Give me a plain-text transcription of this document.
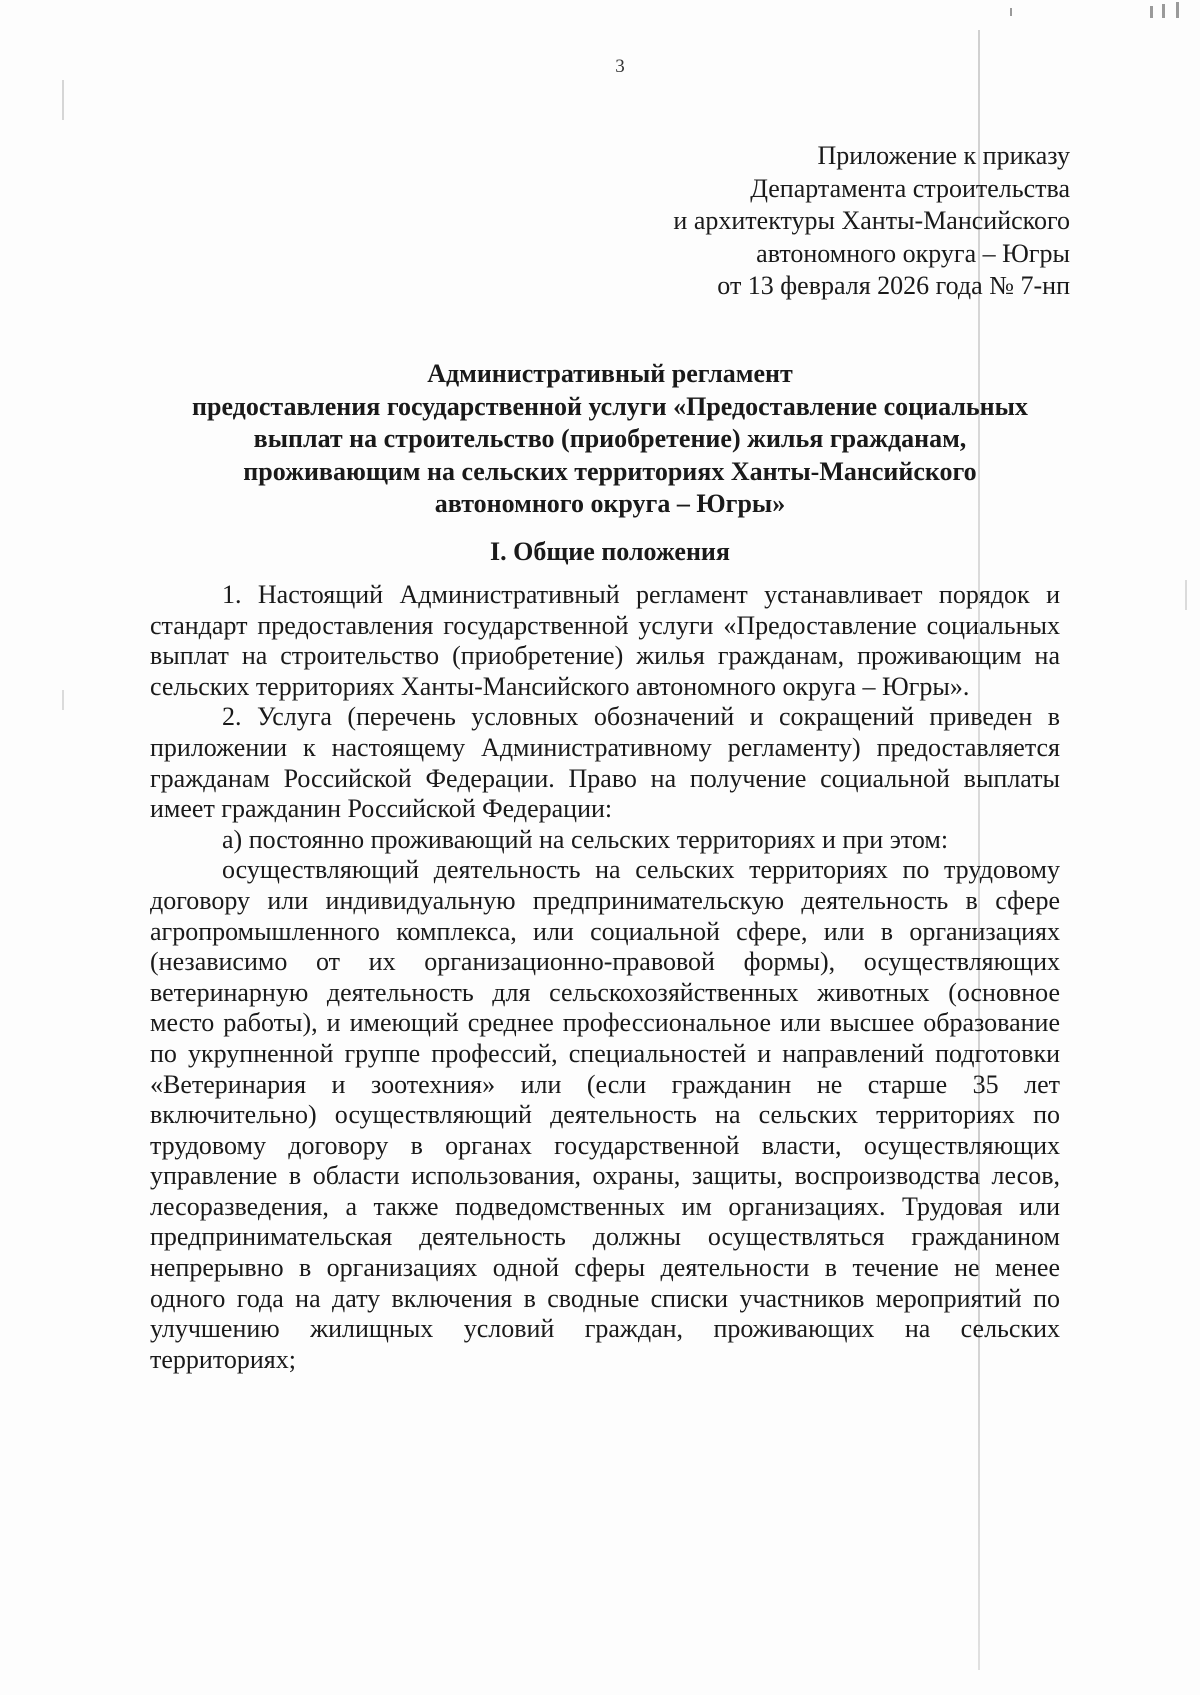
3
Приложение к приказу
Департамента строительства
и архитектуры Ханты-Мансийского
автономного округа – Югры
от 13 февраля 2026 года № 7-нп
Административный регламент
предоставления государственной услуги «Предоставление социальных
выплат на строительство (приобретение) жилья гражданам,
проживающим на сельских территориях Ханты-Мансийского
автономного округа – Югры»
I. Общие положения

1. Настоящий Административный регламент устанавливает порядок и стандарт предоставления государственной услуги «Предоставление социальных выплат на строительство (приобретение) жилья гражданам, проживающим на сельских территориях Ханты-Мансийского автономного округа – Югры».

2. Услуга (перечень условных обозначений и сокращений приведен в приложении к настоящему Административному регламенту) предоставляется гражданам Российской Федерации. Право на получение социальной выплаты имеет гражданин Российской Федерации:

а) постоянно проживающий на сельских территориях и при этом:

осуществляющий деятельность на сельских территориях по трудовому договору или индивидуальную предпринимательскую деятельность в сфере агропромышленного комплекса, или социальной сфере, или в организациях (независимо от их организационно-правовой формы), осуществляющих ветеринарную деятельность для сельскохозяйственных животных (основное место работы), и имеющий среднее профессиональное или высшее образование по укрупненной группе профессий, специальностей и направлений подготовки «Ветеринария и зоотехния» или (если гражданин не старше 35 лет включительно) осуществляющий деятельность на сельских территориях по трудовому договору в органах государственной власти, осуществляющих управление в области использования, охраны, защиты, воспроизводства лесов, лесоразведения, а также подведомственных им организациях. Трудовая или предпринимательская деятельность должны осуществляться гражданином непрерывно в организациях одной сферы деятельности в течение не менее одного года на дату включения в сводные списки участников мероприятий по улучшению жилищных условий граждан, проживающих на сельских территориях;
